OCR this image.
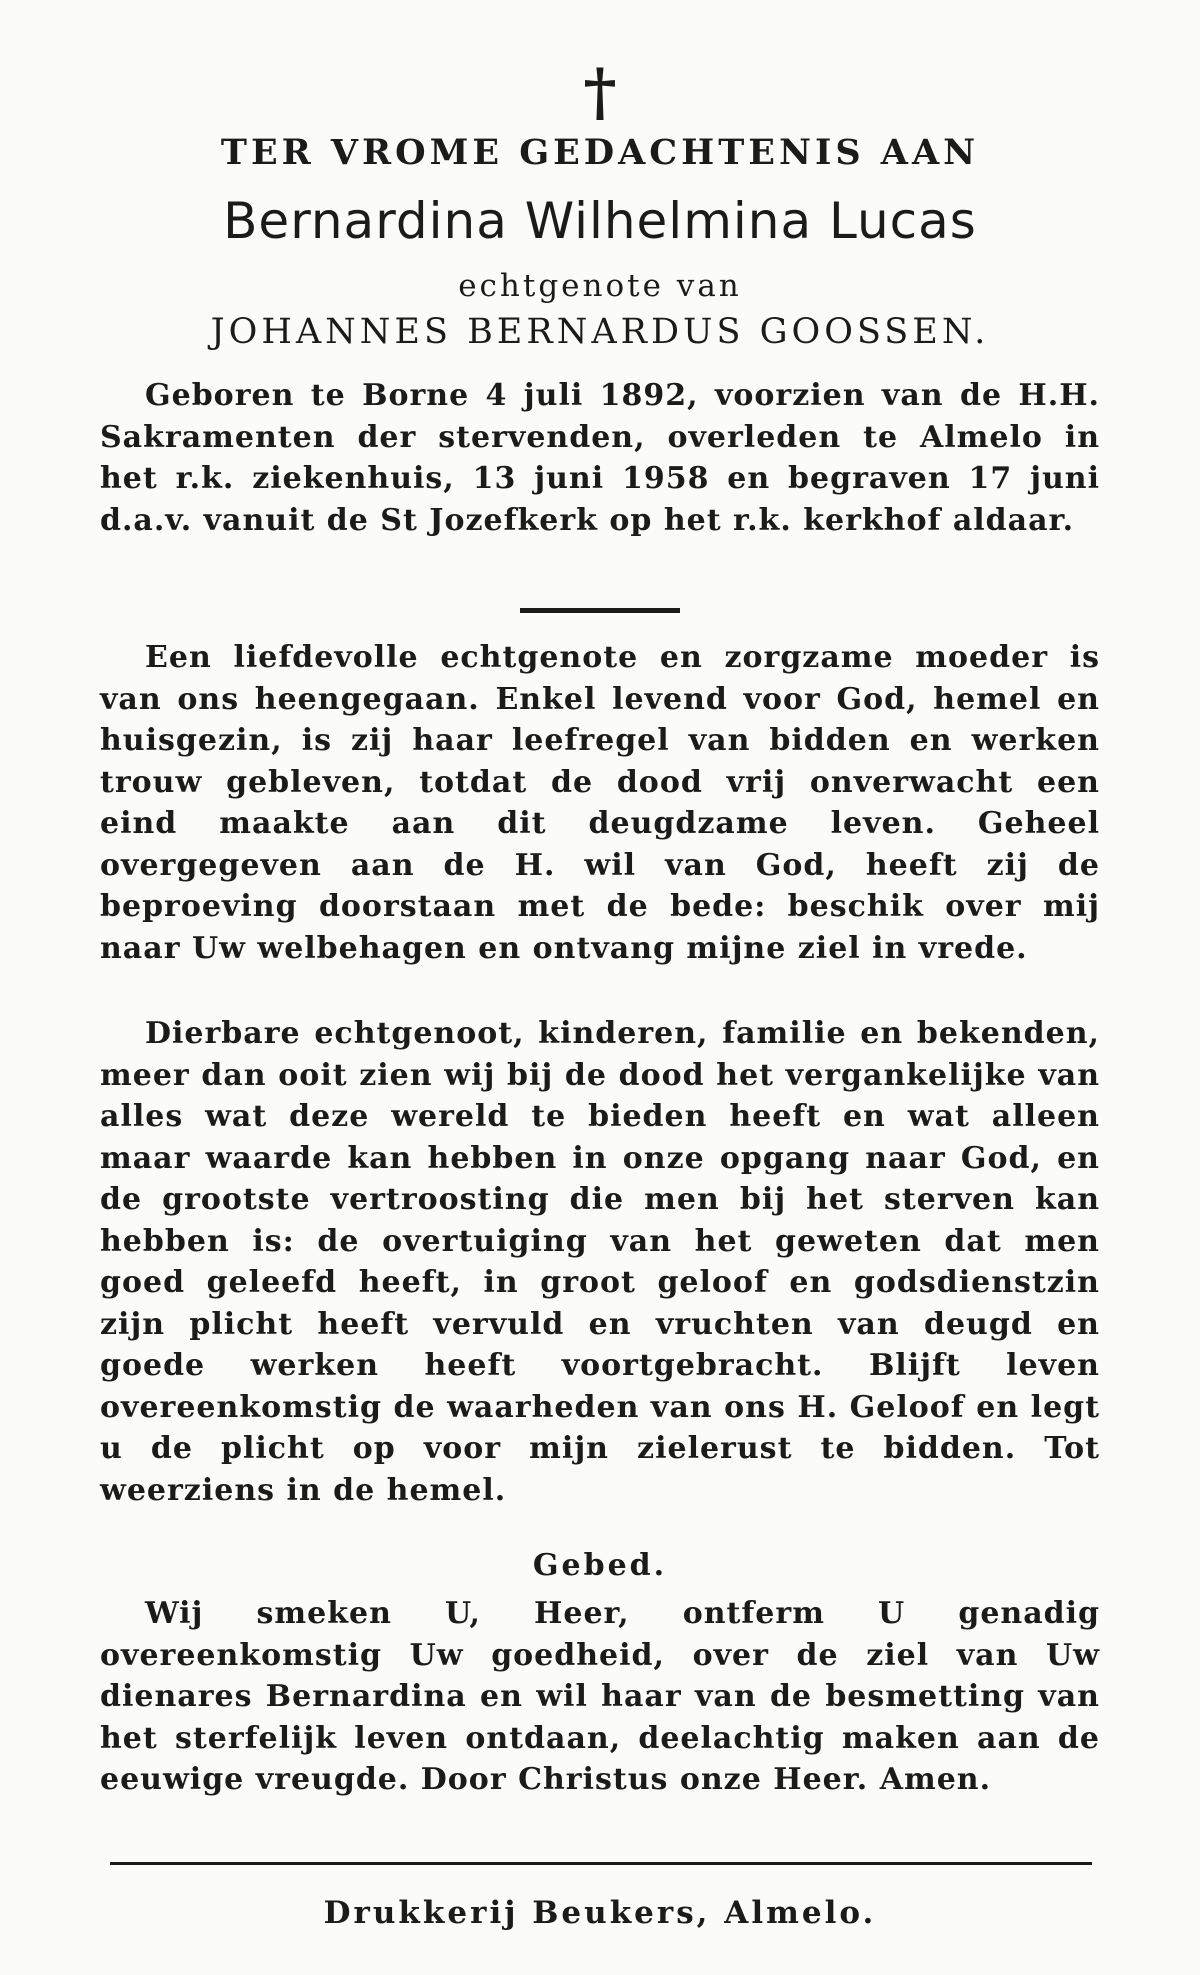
†
TER VROME GEDACHTENIS AAN
Bernardina Wilhelmina Lucas
echtgenote van
JOHANNES BERNARDUS GOOSSEN.

Geboren te Borne 4 juli 1892, voorzien van de H.H. Sakramenten der stervenden, overleden te Almelo in het r.k. ziekenhuis, 13 juni 1958 en begraven 17 juni d.a.v. vanuit de St Jozefkerk op het r.k. kerkhof aldaar.

Een liefdevolle echtgenote en zorgzame moeder is van ons heengegaan. Enkel levend voor God, hemel en huisgezin, is zij haar leefregel van bidden en werken trouw gebleven, totdat de dood vrij onverwacht een eind maakte aan dit deugdzame leven. Geheel overgegeven aan de H. wil van God, heeft zij de beproeving doorstaan met de bede: beschik over mij naar Uw welbehagen en ontvang mijne ziel in vrede.

Dierbare echtgenoot, kinderen, familie en bekenden, meer dan ooit zien wij bij de dood het vergankelijke van alles wat deze wereld te bieden heeft en wat alleen maar waarde kan hebben in onze opgang naar God, en de grootste vertroosting die men bij het sterven kan hebben is: de overtuiging van het geweten dat men goed geleefd heeft, in groot geloof en godsdienstzin zijn plicht heeft vervuld en vruchten van deugd en goede werken heeft voortgebracht. Blijft leven overeenkomstig de waarheden van ons H. Geloof en legt u de plicht op voor mijn zielerust te bidden. Tot weerziens in de hemel.

Gebed.

Wij smeken U, Heer, ontferm U genadig overeenkomstig Uw goedheid, over de ziel van Uw dienares Bernardina en wil haar van de besmetting van het sterfelijk leven ontdaan, deelachtig maken aan de eeuwige vreugde. Door Christus onze Heer. Amen.

Drukkerij Beukers, Almelo.
